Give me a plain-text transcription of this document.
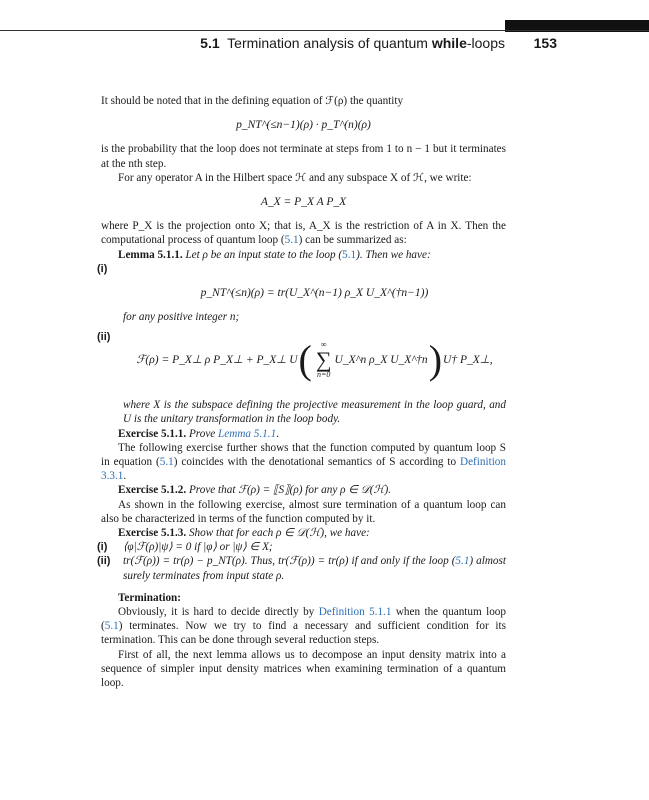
5.1 Termination analysis of quantum while-loops 153

It should be noted that in the defining equation of ℱ(ρ) the quantity

p_NT^(≤n−1)(ρ) · p_T^(n)(ρ)

is the probability that the loop does not terminate at steps from 1 to n − 1 but it terminates at the nth step.

For any operator A in the Hilbert space ℋ and any subspace X of ℋ, we write:

A_X = P_X A P_X

where P_X is the projection onto X; that is, A_X is the restriction of A in X. Then the computational process of quantum loop (5.1) can be summarized as:

Lemma 5.1.1. Let ρ be an input state to the loop (5.1). Then we have:

(i)
p_NT^(≤n)(ρ) = tr(U_X^(n−1) ρ_X U_X^(†n−1))

for any positive integer n;

(ii)
ℱ(ρ) = P_X⊥ ρ P_X⊥ + P_X⊥ U ( ∞
∑
n=0
U_X^n ρ_X U_X^†n ) U† P_X⊥,

where X is the subspace defining the projective measurement in the loop guard, and U is the unitary transformation in the loop body.

Exercise 5.1.1. Prove Lemma 5.1.1.

The following exercise further shows that the function computed by quantum loop S in equation (5.1) coincides with the denotational semantics of S according to Definition 3.3.1.

Exercise 5.1.2. Prove that ℱ(ρ) = ⟦S⟧(ρ) for any ρ ∈ 𝒟(ℋ).

As shown in the following exercise, almost sure termination of a quantum loop can also be characterized in terms of the function computed by it.

Exercise 5.1.3. Show that for each ρ ∈ 𝒟(ℋ), we have:

(i) ⟨φ|ℱ(ρ)|ψ⟩ = 0 if |φ⟩ or |ψ⟩ ∈ X;

(ii) tr(ℱ(ρ)) = tr(ρ) − p_NT(ρ). Thus, tr(ℱ(ρ)) = tr(ρ) if and only if the loop (5.1) almost surely terminates from input state ρ.

Termination:

Obviously, it is hard to decide directly by Definition 5.1.1 when the quantum loop (5.1) terminates. Now we try to find a necessary and sufficient condition for its termination. This can be done through several reduction steps.

First of all, the next lemma allows us to decompose an input density matrix into a sequence of simpler input density matrices when examining termination of a quantum loop.
